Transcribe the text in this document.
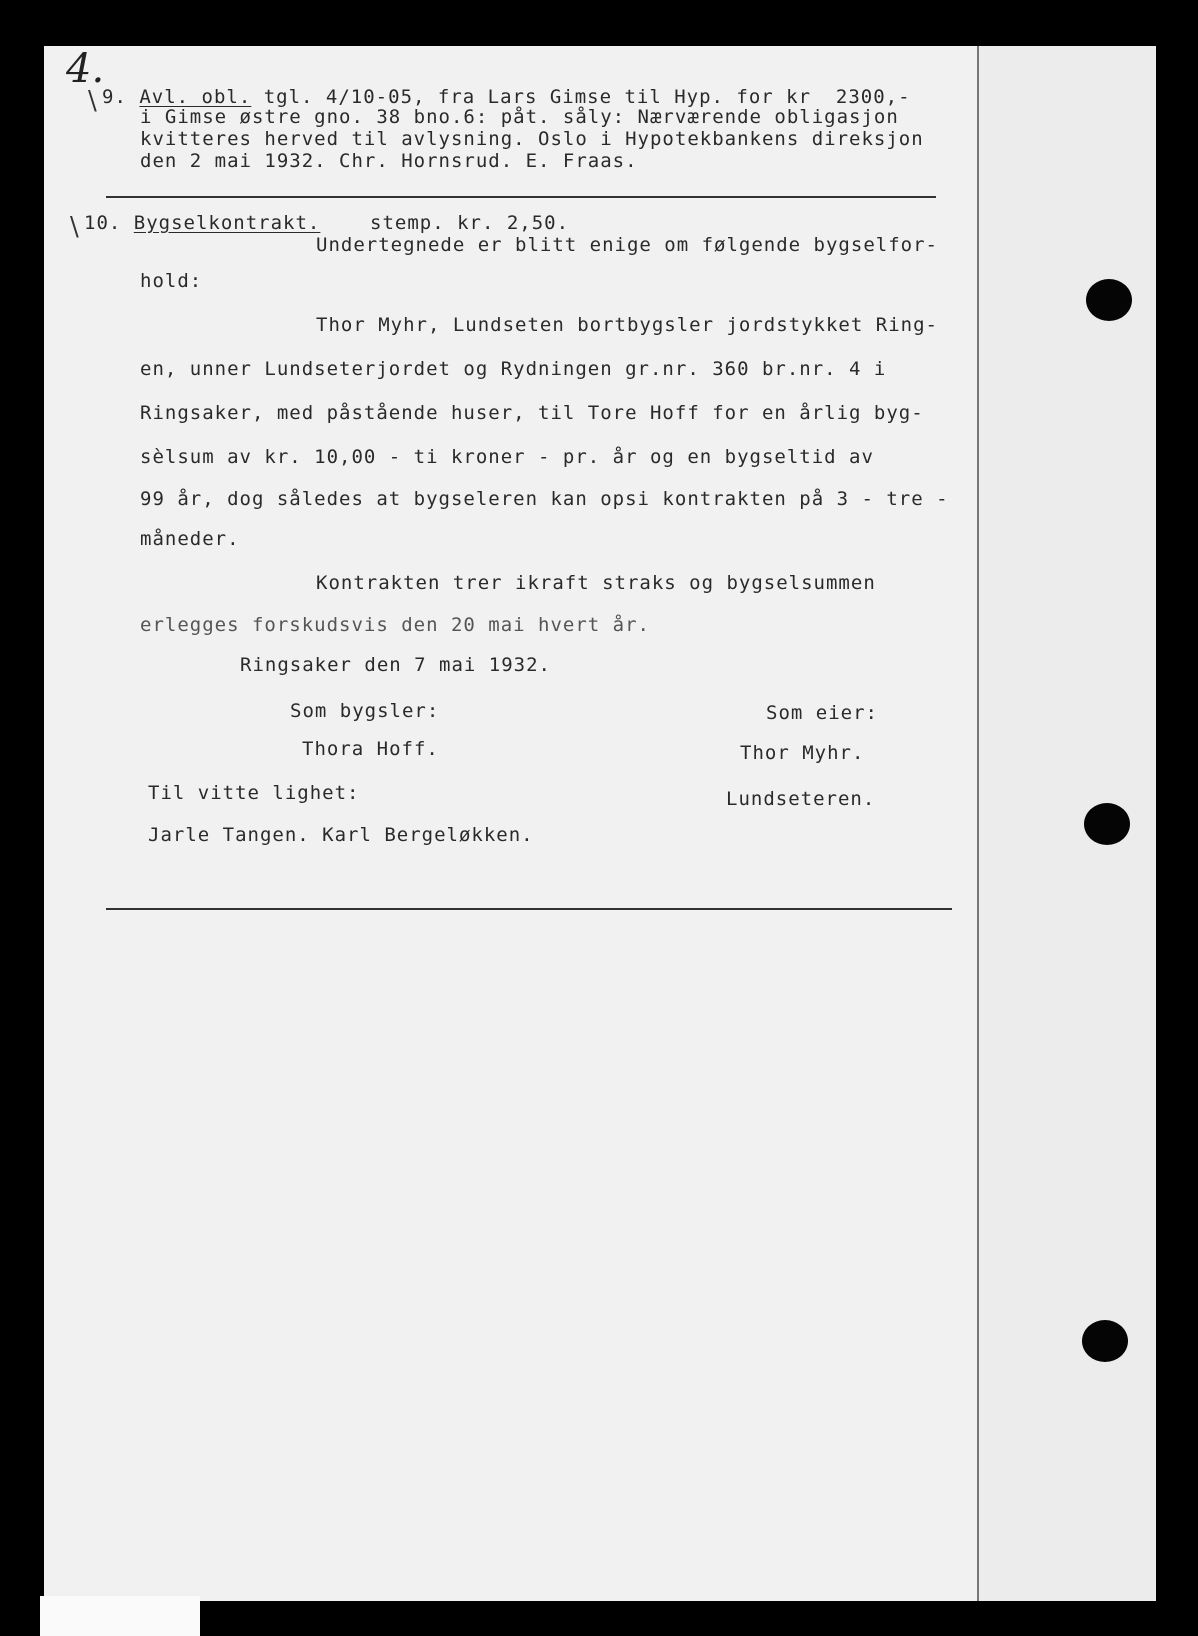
4.
\
\
9. Avl. obl. tgl. 4/10-05, fra Lars Gimse til Hyp. for kr  2300,-
i Gimse østre gno. 38 bno.6: påt. såly: Nærværende obligasjon
kvitteres herved til avlysning. Oslo i Hypotekbankens direksjon
den 2 mai 1932. Chr. Hornsrud. E. Fraas.
10. Bygselkontrakt.	stemp. kr. 2,50.
Undertegnede er blitt enige om følgende bygselfor-
hold:
Thor Myhr, Lundseten bortbygsler jordstykket Ring-
en, unner Lundseterjordet og Rydningen gr.nr. 360 br.nr. 4 i
Ringsaker, med påstående huser, til Tore Hoff for en årlig byg-
sèlsum av kr. 10,00 - ti kroner - pr. år og en bygseltid av
99 år, dog således at bygseleren kan opsi kontrakten på 3 - tre -
måneder.
Kontrakten trer ikraft straks og bygselsummen
erlegges forskudsvis den 20 mai hvert år.
Ringsaker den 7 mai 1932.
Som bygsler:	Som eier:
Thora Hoff.	Thor Myhr.
Til vitte lighet:	Lundseteren.
Jarle Tangen. Karl Bergeløkken.
